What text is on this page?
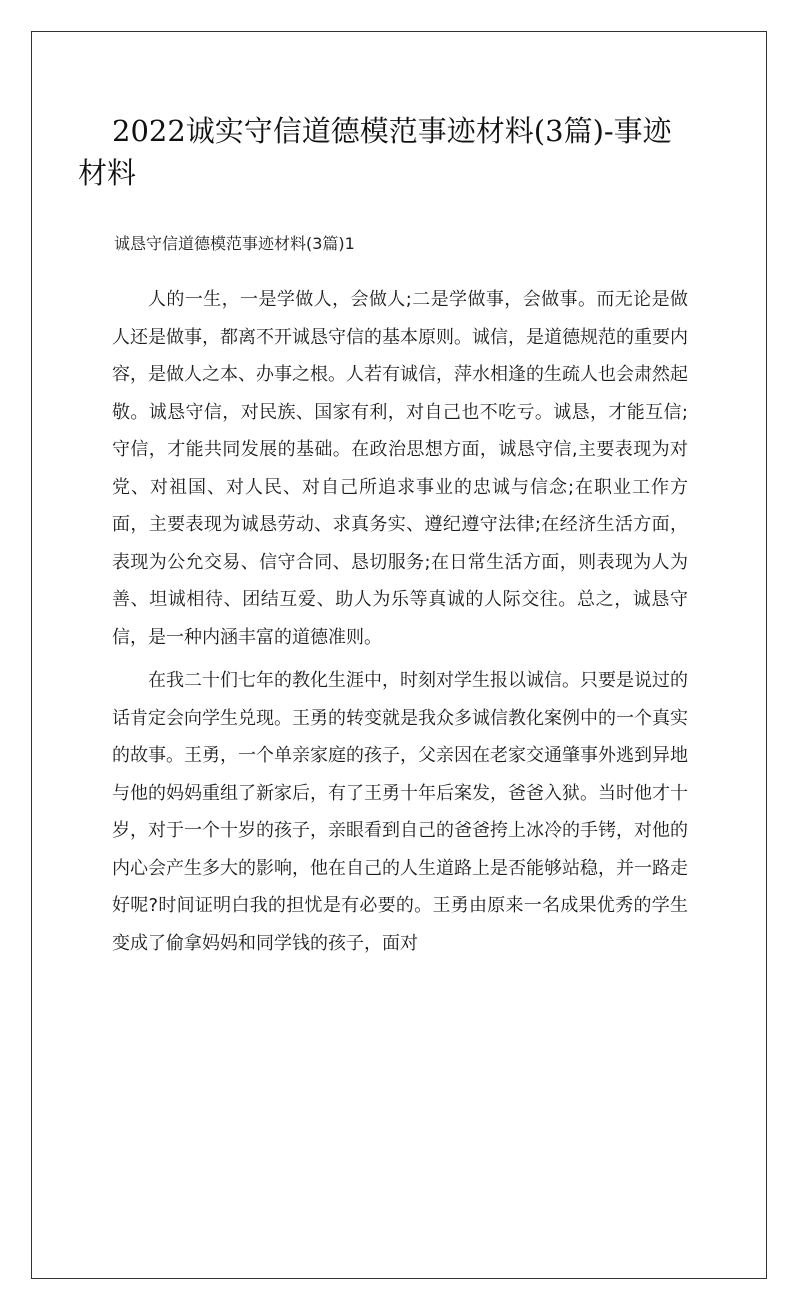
2022诚实守信道德模范事迹材料(3篇)-事迹材料

诚恳守信道德模范事迹材料(3篇)1

人的一生，一是学做人，会做人;二是学做事，会做事。而无论是做人还是做事，都离不开诚恳守信的基本原则。诚信，是道德规范的重要内容，是做人之本、办事之根。人若有诚信，萍水相逢的生疏人也会肃然起敬。诚恳守信，对民族、国家有利，对自己也不吃亏。诚恳，才能互信;守信，才能共同发展的基础。在政治思想方面，诚恳守信,主要表现为对党、对祖国、对人民、对自己所追求事业的忠诚与信念;在职业工作方面，主要表现为诚恳劳动、求真务实、遵纪遵守法律;在经济生活方面，表现为公允交易、信守合同、恳切服务;在日常生活方面，则表现为人为善、坦诚相待、团结互爱、助人为乐等真诚的人际交往。总之，诚恳守信，是一种内涵丰富的道德准则。

在我二十们七年的教化生涯中，时刻对学生报以诚信。只要是说过的话肯定会向学生兑现。王勇的转变就是我众多诚信教化案例中的一个真实的故事。王勇，一个单亲家庭的孩子，父亲因在老家交通肇事外逃到异地与他的妈妈重组了新家后，有了王勇十年后案发，爸爸入狱。当时他才十岁，对于一个十岁的孩子，亲眼看到自己的爸爸挎上冰冷的手铐，对他的内心会产生多大的影响，他在自己的人生道路上是否能够站稳，并一路走好呢?时间证明白我的担忧是有必要的。王勇由原来一名成果优秀的学生变成了偷拿妈妈和同学钱的孩子，面对
